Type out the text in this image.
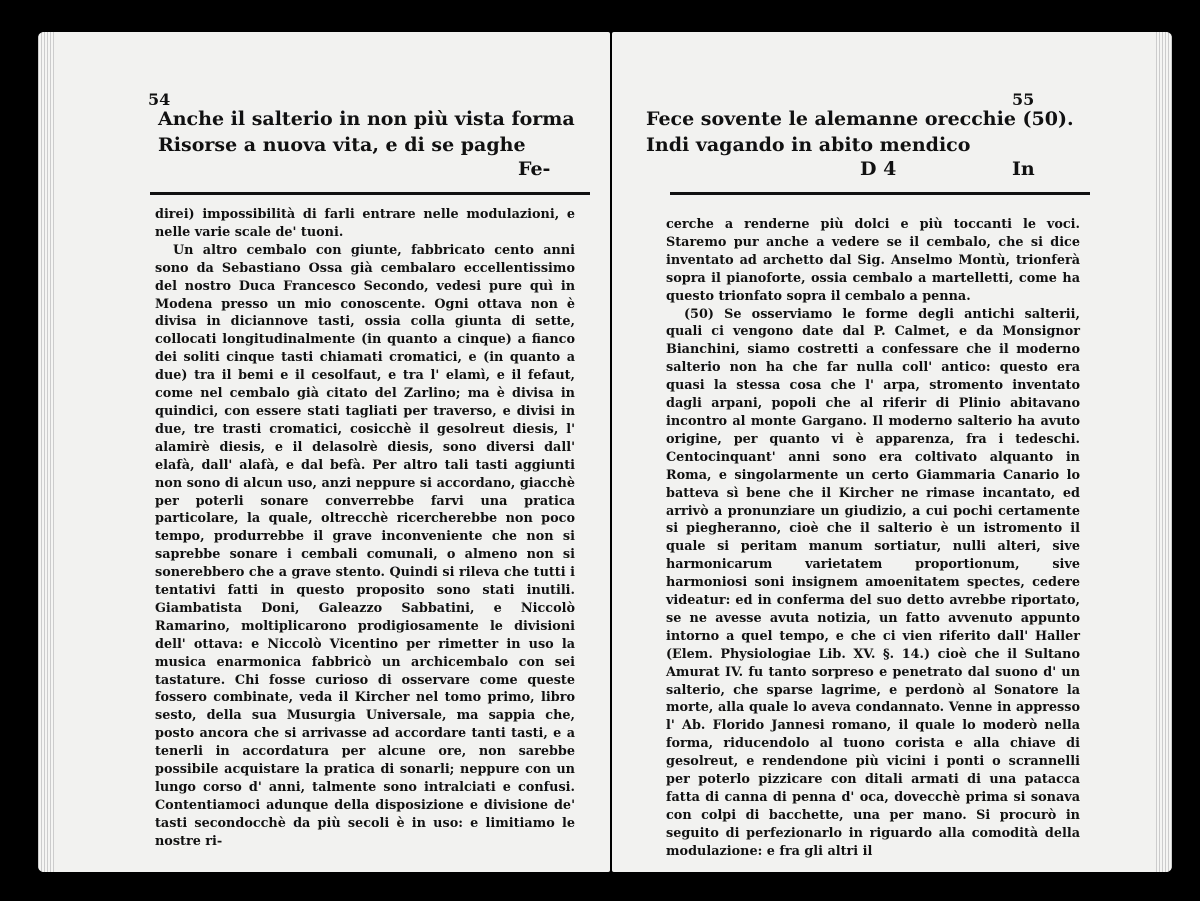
54
Anche il salterio in non più vista forma
Risorse a nuova vita, e di se paghe
Fe-

direi) impossibilità di farli entrare nelle modulazioni, e nelle varie scale de' tuoni.

Un altro cembalo con giunte, fabbricato cento anni sono da Sebastiano Ossa già cembalaro eccellentissimo del nostro Duca Francesco Secondo, vedesi pure quì in Modena presso un mio conoscente. Ogni ottava non è divisa in diciannove tasti, ossia colla giunta di sette, collocati longitudinalmente (in quanto a cinque) a fianco dei soliti cinque tasti chiamati cromatici, e (in quanto a due) tra il bemi e il cesolfaut, e tra l' elamì, e il fefaut, come nel cembalo già citato del Zarlino; ma è divisa in quindici, con essere stati tagliati per traverso, e divisi in due, tre trasti cromatici, cosicchè il gesolreut diesis, l' alamirè diesis, e il delasolrè diesis, sono diversi dall' elafà, dall' alafà, e dal befà. Per altro tali tasti aggiunti non sono di alcun uso, anzi neppure si accordano, giacchè per poterli sonare converrebbe farvi una pratica particolare, la quale, oltrecchè ricercherebbe non poco tempo, produrrebbe il grave inconveniente che non si saprebbe sonare i cembali comunali, o almeno non si sonerebbero che a grave stento. Quindi si rileva che tutti i tentativi fatti in questo proposito sono stati inutili. Giambatista Doni, Galeazzo Sabbatini, e Niccolò Ramarino, moltiplicarono prodigiosamente le divisioni dell' ottava: e Niccolò Vicentino per rimetter in uso la musica enarmonica fabbricò un archicembalo con sei tastature. Chi fosse curioso di osservare come queste fossero combinate, veda il Kircher nel tomo primo, libro sesto, della sua Musurgia Universale, ma sappia che, posto ancora che si arrivasse ad accordare tanti tasti, e a tenerli in accordatura per alcune ore, non sarebbe possibile acquistare la pratica di sonarli; neppure con un lungo corso d' anni, talmente sono intralciati e confusi. Contentiamoci adunque della disposizione e divisione de' tasti secondocchè da più secoli è in uso: e limitiamo le nostre ri-

55
Fece sovente le alemanne orecchie (50).
Indi vagando in abito mendico
D 4	In

cerche a renderne più dolci e più toccanti le voci. Staremo pur anche a vedere se il cembalo, che si dice inventato ad archetto dal Sig. Anselmo Montù, trionferà sopra il pianoforte, ossia cembalo a martelletti, come ha questo trionfato sopra il cembalo a penna.

(50) Se osserviamo le forme degli antichi salterii, quali ci vengono date dal P. Calmet, e da Monsignor Bianchini, siamo costretti a confessare che il moderno salterio non ha che far nulla coll' antico: questo era quasi la stessa cosa che l' arpa, stromento inventato dagli arpani, popoli che al riferir di Plinio abitavano incontro al monte Gargano. Il moderno salterio ha avuto origine, per quanto vi è apparenza, fra i tedeschi. Centocinquant' anni sono era coltivato alquanto in Roma, e singolarmente un certo Giammaria Canario lo batteva sì bene che il Kircher ne rimase incantato, ed arrivò a pronunziare un giudizio, a cui pochi certamente si piegheranno, cioè che il salterio è un istromento il quale si peritam manum sortiatur, nulli alteri, sive harmonicarum varietatem proportionum, sive harmoniosi soni insignem amoenitatem spectes, cedere videatur: ed in conferma del suo detto avrebbe riportato, se ne avesse avuta notizia, un fatto avvenuto appunto intorno a quel tempo, e che ci vien riferito dall' Haller (Elem. Physiologiae Lib. XV. §. 14.) cioè che il Sultano Amurat IV. fu tanto sorpreso e penetrato dal suono d' un salterio, che sparse lagrime, e perdonò al Sonatore la morte, alla quale lo aveva condannato. Venne in appresso l' Ab. Florido Jannesi romano, il quale lo moderò nella forma, riducendolo al tuono corista e alla chiave di gesolreut, e rendendone più vicini i ponti o scrannelli per poterlo pizzicare con ditali armati di una patacca fatta di canna di penna d' oca, dovecchè prima si sonava con colpi di bacchette, una per mano. Si procurò in seguito di perfezionarlo in riguardo alla comodità della modulazione: e fra gli altri il
